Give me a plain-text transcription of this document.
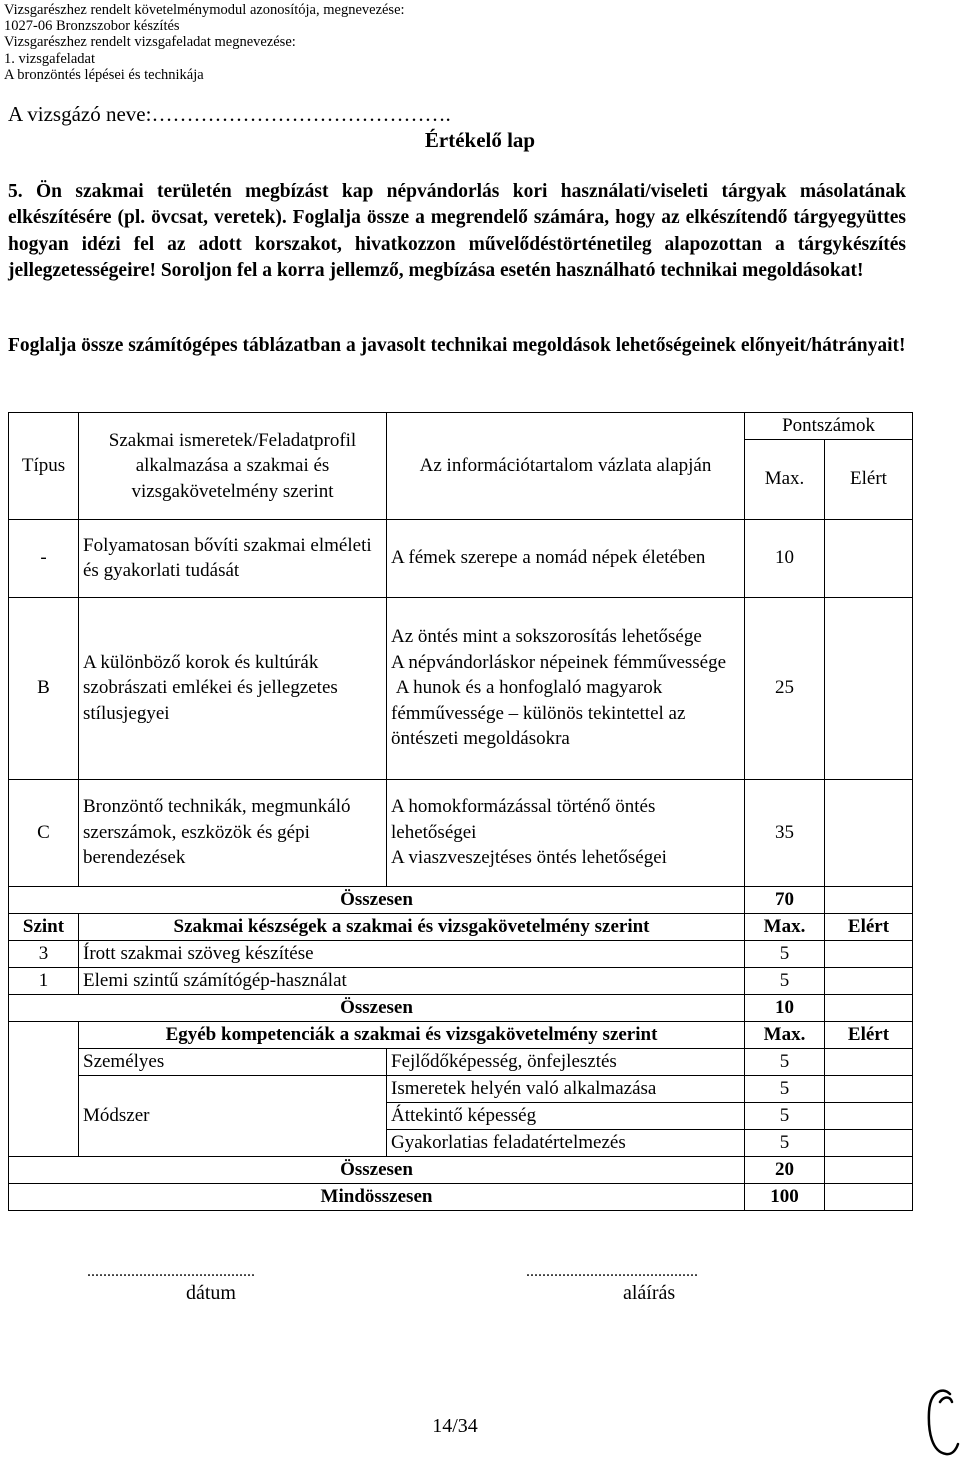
Vizsgarészhez rendelt követelménymodul azonosítója, megnevezése:
1027-06 Bronzszobor készítés
Vizsgarészhez rendelt vizsgafeladat megnevezése:
1. vizsgafeladat
A bronzöntés lépései és technikája
A vizsgázó neve:…………………………………….
Értékelő lap
5. Ön szakmai területén megbízást kap népvándorlás kori használati/viseleti tárgyak másolatának elkészítésére (pl. övcsat, veretek). Foglalja össze a megrendelő számára, hogy az elkészítendő tárgyegyüttes hogyan idézi fel az adott korszakot, hivatkozzon művelődéstörténetileg alapozottan a tárgykészítés jellegzetességeire! Soroljon fel a korra jellemző, megbízása esetén használható technikai megoldásokat!
Foglalja össze számítógépes táblázatban a javasolt technikai megoldások lehetőségeinek előnyeit/hátrányait!
Típus	Szakmai ismeretek/Feladatprofil alkalmazása a szakmai és vizsgakövetelmény szerint	Az információtartalom vázlata alapján	Pontszámok	
			Max.	Elért
-	Folyamatosan bővíti szakmai elméleti és gyakorlati tudását	A fémek szerepe a nomád népek életében	10	
B	A különböző korok és kultúrák szobrászati emlékei és jellegzetes stílusjegyei	Az öntés mint a sokszorosítás lehetősége
A népvándorláskor népeinek fémművessége
A hunok és a honfoglaló magyarok fémművessége – különös tekintettel az öntészeti megoldásokra	25	
C	Bronzöntő technikák, megmunkáló szerszámok, eszközök és gépi berendezések	A homokformázással történő öntés lehetőségei
A viaszveszejtéses öntés lehetőségei	35	
Összesen			70	
Szint	Szakmai készségek a szakmai és vizsgakövetelmény szerint		Max.	Elért
3	Írott szakmai szöveg készítése		5	
1	Elemi szintű számítógép-használat		5	
Összesen			10	
	Egyéb kompetenciák a szakmai és vizsgakövetelmény szerint		Max.	Elért
	Személyes	Fejlődőképesség, önfejlesztés	5	
	Módszer	Ismeretek helyén való alkalmazása	5	
		Áttekintő képesség	5	
		Gyakorlatias feladatértelmezés	5	
Összesen			20	
Mindösszesen			100	
..........................................	...........................................
dátum	aláírás
14/34
